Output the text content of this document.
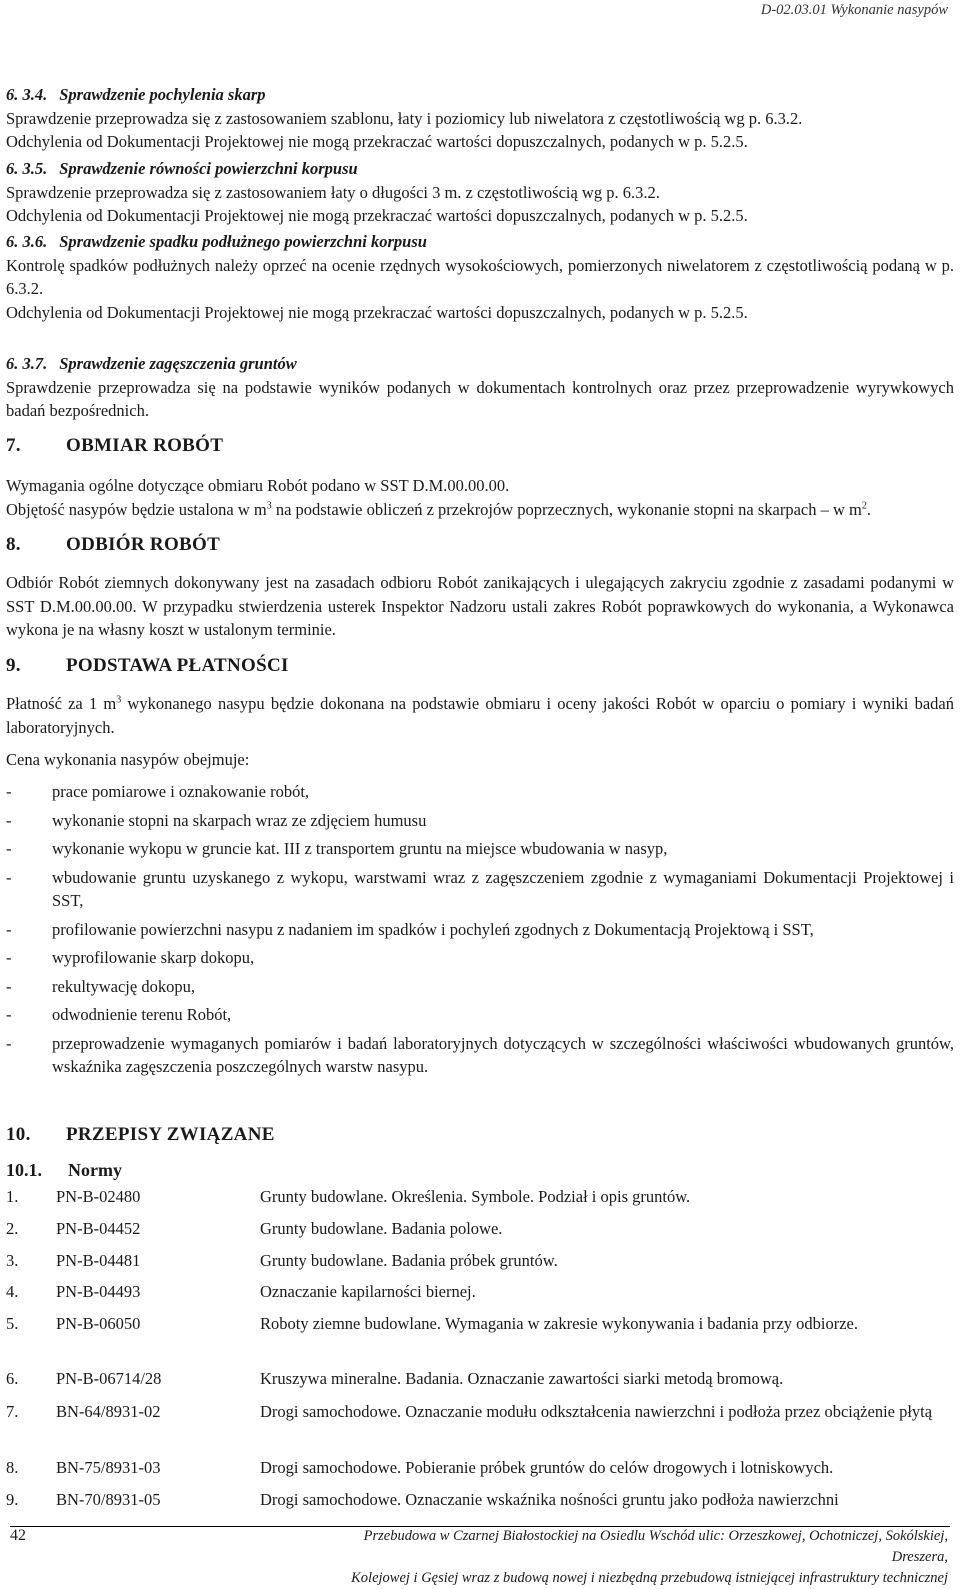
D-02.03.01 Wykonanie nasypów
6. 3.4. Sprawdzenie pochylenia skarp
Sprawdzenie przeprowadza się z zastosowaniem szablonu, łaty i poziomicy lub niwelatora z częstotliwością wg p. 6.3.2.
Odchylenia od Dokumentacji Projektowej nie mogą przekraczać wartości dopuszczalnych, podanych w p. 5.2.5.
6. 3.5. Sprawdzenie równości powierzchni korpusu
Sprawdzenie przeprowadza się z zastosowaniem łaty o długości 3 m. z częstotliwością wg p. 6.3.2.
Odchylenia od Dokumentacji Projektowej nie mogą przekraczać wartości dopuszczalnych, podanych w p. 5.2.5.
6. 3.6. Sprawdzenie spadku podłużnego powierzchni korpusu
Kontrolę spadków podłużnych należy oprzeć na ocenie rzędnych wysokościowych, pomierzonych niwelatorem z częstotliwością podaną w p. 6.3.2.
Odchylenia od Dokumentacji Projektowej nie mogą przekraczać wartości dopuszczalnych, podanych w p. 5.2.5.
6. 3.7. Sprawdzenie zagęszczenia gruntów
Sprawdzenie przeprowadza się na podstawie wyników podanych w dokumentach kontrolnych oraz przez przeprowadzenie wyrywkowych badań bezpośrednich.
7. OBMIAR ROBÓT
Wymagania ogólne dotyczące obmiaru Robót podano w SST D.M.00.00.00.
Objętość nasypów będzie ustalona w $m^3$ na podstawie obliczeń z przekrojów poprzecznych, wykonanie stopni na skarpach – w $m^2$.
8. ODBIÓR ROBÓT
Odbiór Robót ziemnych dokonywany jest na zasadach odbioru Robót zanikających i ulegających zakryciu zgodnie z zasadami podanymi w SST D.M.00.00.00. W przypadku stwierdzenia usterek Inspektor Nadzoru ustali zakres Robót poprawkowych do wykonania, a Wykonawca wykona je na własny koszt w ustalonym terminie.
9. PODSTAWA PŁATNOŚCI
Płatność za 1 $m^3$ wykonanego nasypu będzie dokonana na podstawie obmiaru i oceny jakości Robót w oparciu o pomiary i wyniki badań laboratoryjnych.
Cena wykonania nasypów obejmuje:
-	prace pomiarowe i oznakowanie robót,
-	wykonanie stopni na skarpach wraz ze zdjęciem humusu
-	wykonanie wykopu w gruncie kat. III z transportem gruntu na miejsce wbudowania w nasyp,
-	wbudowanie gruntu uzyskanego z wykopu, warstwami wraz z zagęszczeniem zgodnie z wymaganiami Dokumentacji Projektowej i SST,
-	profilowanie powierzchni nasypu z nadaniem im spadków i pochyleń zgodnych z Dokumentacją Projektową i SST,
-	wyprofilowanie skarp dokopu,
-	rekultywację dokopu,
-	odwodnienie terenu Robót,
-	przeprowadzenie wymaganych pomiarów i badań laboratoryjnych dotyczących w szczególności właściwości wbudowanych gruntów, wskaźnika zagęszczenia poszczególnych warstw nasypu.
10. PRZEPISY ZWIĄZANE
10.1. Normy
1.	PN-B-02480	Grunty budowlane. Określenia. Symbole. Podział i opis gruntów.
2.	PN-B-04452	Grunty budowlane. Badania polowe.
3.	PN-B-04481	Grunty budowlane. Badania próbek gruntów.
4.	PN-B-04493	Oznaczanie kapilarności biernej.
5.	PN-B-06050	Roboty ziemne budowlane. Wymagania w zakresie wykonywania i badania przy odbiorze.
6.	PN-B-06714/28	Kruszywa mineralne. Badania. Oznaczanie zawartości siarki metodą bromową.
7.	BN-64/8931-02	Drogi samochodowe. Oznaczanie modułu odkształcenia nawierzchni i podłoża przez obciążenie płytą
8.	BN-75/8931-03	Drogi samochodowe. Pobieranie próbek gruntów do celów drogowych i lotniskowych.
9.	BN-70/8931-05	Drogi samochodowe. Oznaczanie wskaźnika nośności gruntu jako podłoża nawierzchni
42	Przebudowa w Czarnej Białostockiej na Osiedlu Wschód ulic: Orzeszkowej, Ochotniczej, Sokólskiej, Dreszera,
Kolejowej i Gęsiej wraz z budową nowej i niezbędną przebudową istniejącej infrastruktury technicznej
